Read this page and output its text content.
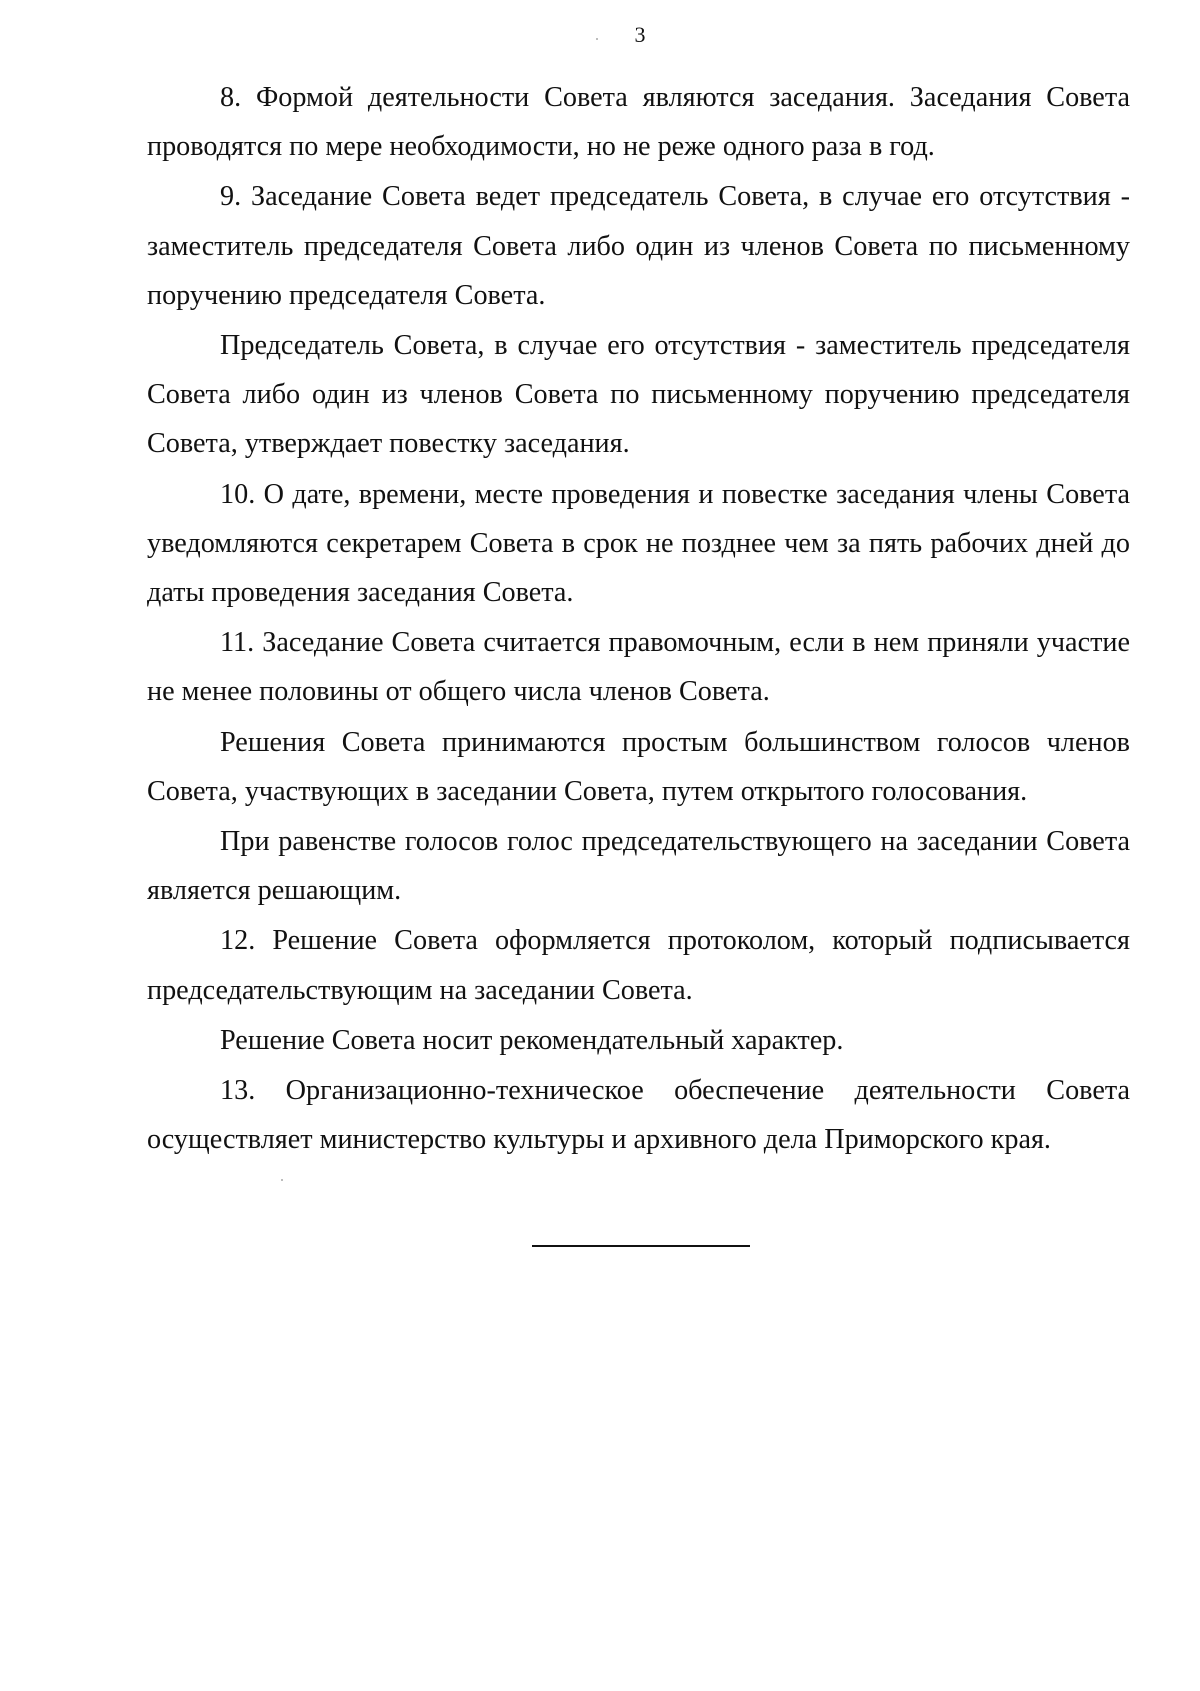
3

8. Формой деятельности Совета являются заседания. Заседания Совета проводятся по мере необходимости, но не реже одного раза в год.

9. Заседание Совета ведет председатель Совета, в случае его отсутствия - заместитель председателя Совета либо один из членов Совета по письменному поручению председателя Совета.

Председатель Совета, в случае его отсутствия - заместитель председателя Совета либо один из членов Совета по письменному поручению председателя Совета, утверждает повестку заседания.

10. О дате, времени, месте проведения и повестке заседания члены Совета уведомляются секретарем Совета в срок не позднее чем за пять рабочих дней до даты проведения заседания Совета.

11. Заседание Совета считается правомочным, если в нем приняли участие не менее половины от общего числа членов Совета.

Решения Совета принимаются простым большинством голосов членов Совета, участвующих в заседании Совета, путем открытого голосования.

При равенстве голосов голос председательствующего на заседании Совета является решающим.

12. Решение Совета оформляется протоколом, который подписывается председательствующим на заседании Совета.

Решение Совета носит рекомендательный характер.

13. Организационно-техническое обеспечение деятельности Совета осуществляет министерство культуры и архивного дела Приморского края.
